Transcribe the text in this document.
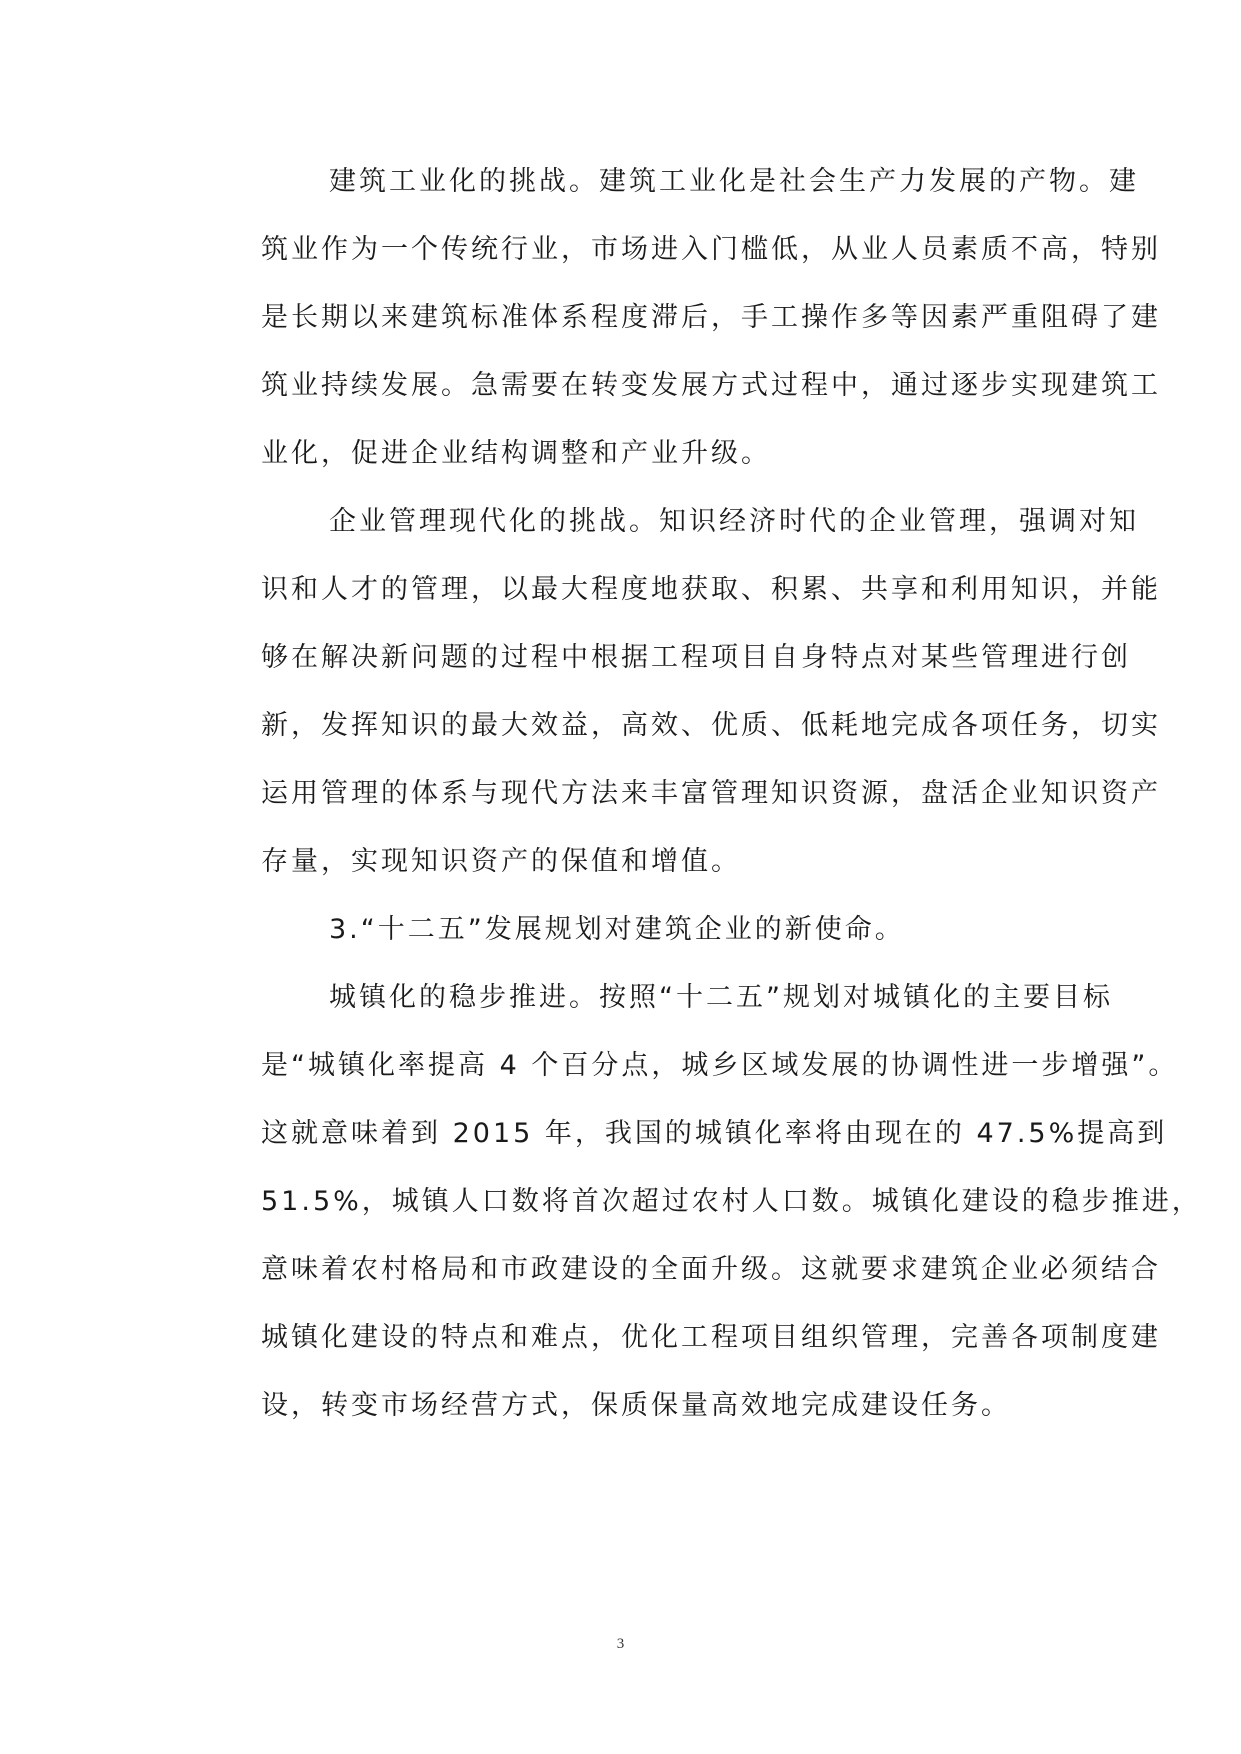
建筑工业化的挑战。建筑工业化是社会生产力发展的产物。建
筑业作为一个传统行业，市场进入门槛低，从业人员素质不高，特别
是长期以来建筑标准体系程度滞后，手工操作多等因素严重阻碍了建
筑业持续发展。急需要在转变发展方式过程中，通过逐步实现建筑工
业化，促进企业结构调整和产业升级。
企业管理现代化的挑战。知识经济时代的企业管理，强调对知
识和人才的管理，以最大程度地获取、积累、共享和利用知识，并能
够在解决新问题的过程中根据工程项目自身特点对某些管理进行创
新，发挥知识的最大效益，高效、优质、低耗地完成各项任务，切实
运用管理的体系与现代方法来丰富管理知识资源，盘活企业知识资产
存量，实现知识资产的保值和增值。
3.“十二五”发展规划对建筑企业的新使命。
城镇化的稳步推进。按照“十二五”规划对城镇化的主要目标
是“城镇化率提高 4 个百分点，城乡区域发展的协调性进一步增强”。
这就意味着到 2015 年，我国的城镇化率将由现在的 47.5%提高到
51.5%，城镇人口数将首次超过农村人口数。城镇化建设的稳步推进，
意味着农村格局和市政建设的全面升级。这就要求建筑企业必须结合
城镇化建设的特点和难点，优化工程项目组织管理，完善各项制度建
设，转变市场经营方式，保质保量高效地完成建设任务。
3
